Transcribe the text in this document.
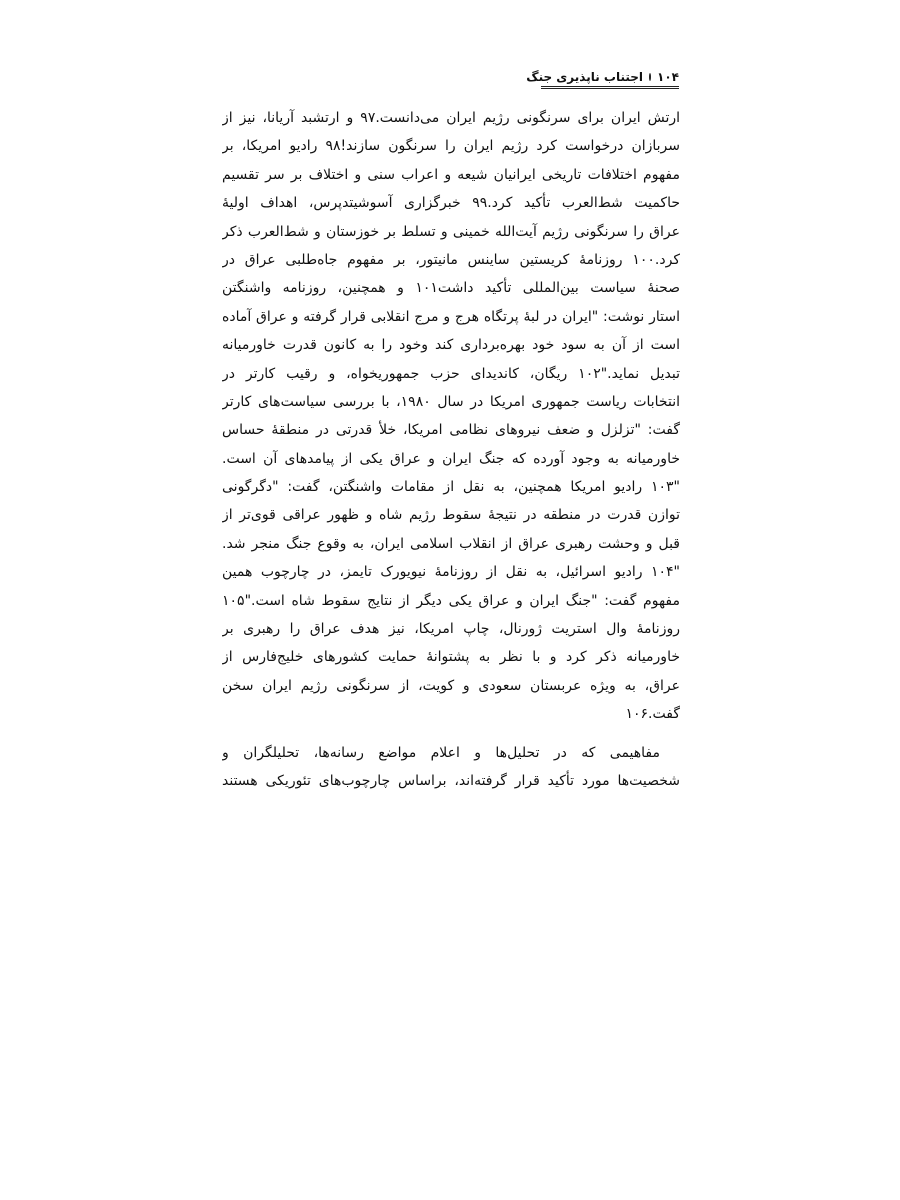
۱۰۴
اجتناب ناپذیری جنگ
ارتش ایران برای سرنگونی رژیم ایران می‌دانست.۹۷ و ارتشبد آریانا، نیز از
سربازان درخواست کرد رژیم ایران را سرنگون سازند!۹۸ رادیو امریکا، بر
مفهوم اختلافات تاریخی ایرانیان شیعه و اعراب سنی و اختلاف بر سر تقسیم
حاکمیت شط‌العرب تأکید کرد.۹۹ خبرگزاری آسوشیتدپرس، اهداف اولیهٔ
عراق را سرنگونی رژیم آیت‌الله خمینی و تسلط بر خوزستان و شط‌العرب ذکر
کرد.۱۰۰ روزنامهٔ کریستین ساینس مانیتور، بر مفهوم جاه‌طلبی عراق در
صحنهٔ سیاست بین‌المللی تأکید داشت۱۰۱ و همچنین، روزنامه واشنگتن
استار نوشت: "ایران در لبهٔ پرتگاه هرج و مرج انقلابی قرار گرفته و عراق آماده
است از آن به سود خود بهره‌برداری کند وخود را به کانون قدرت خاورمیانه
تبدیل نماید."۱۰۲ ریگان، کاندیدای حزب جمهوریخواه، و رقیب کارتر در
انتخابات ریاست جمهوری امریکا در سال ۱۹۸۰، با بررسی سیاست‌های کارتر
گفت: "تزلزل و ضعف نیروهای نظامی امریکا، خلأ قدرتی در منطقهٔ حساس
خاورمیانه به وجود آورده که جنگ ایران و عراق یکی از پیامدهای آن است.
"۱۰۳ رادیو امریکا همچنین، به نقل از مقامات واشنگتن، گفت: "دگرگونی
توازن قدرت در منطقه در نتیجهٔ سقوط رژیم شاه و ظهور عراقی قوی‌تر از
قبل و وحشت رهبری عراق از انقلاب اسلامی ایران، به وقوع جنگ منجر شد.
"۱۰۴ رادیو اسرائیل، به نقل از روزنامهٔ نیویورک تایمز، در چارچوب همین
مفهوم گفت: "جنگ ایران و عراق یکی دیگر از نتایج سقوط شاه است."۱۰۵
روزنامهٔ وال استریت ژورنال، چاپ امریکا، نیز هدف عراق را رهبری بر
خاورمیانه ذکر کرد و با نظر به پشتوانهٔ حمایت کشورهای خلیج‌فارس از
عراق، به ویژه عربستان سعودی و کویت، از سرنگونی رژیم ایران سخن
گفت.۱۰۶
مفاهیمی که در تحلیل‌ها و اعلام مواضع رسانه‌ها، تحلیلگران و
شخصیت‌ها مورد تأکید قرار گرفته‌اند، براساس چارچوب‌های تئوریکی هستند
